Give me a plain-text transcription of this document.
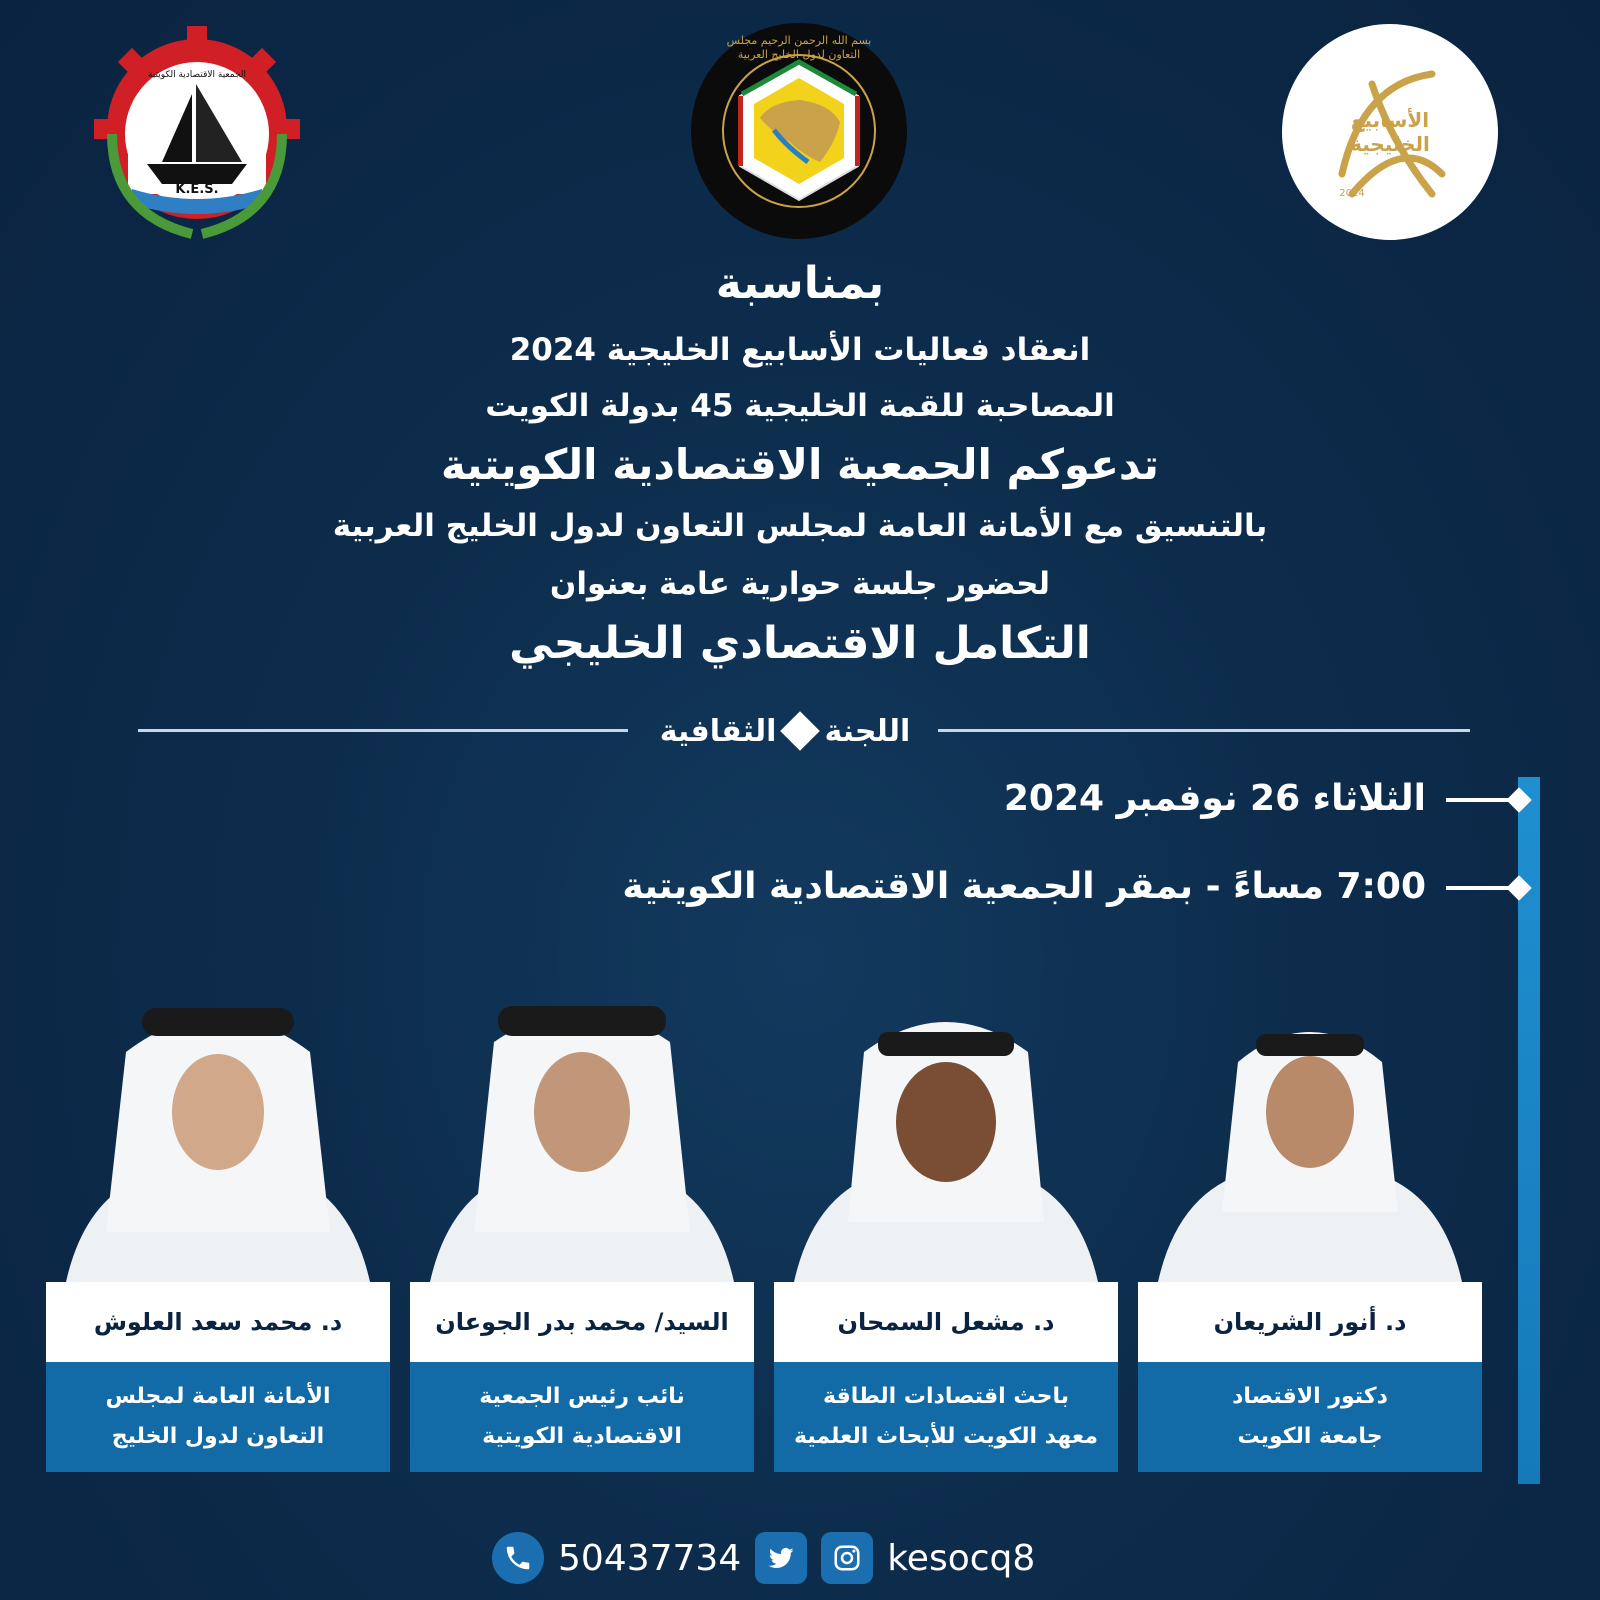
K.E.S.
الجمعية الاقتصادية الكويتية
بسم الله الرحمن الرحيم مجلس التعاون لدول الخليج العربية
الأسابيع الخليجية
2024
بمناسبة
انعقاد فعاليات الأسابيع الخليجية 2024
المصاحبة للقمة الخليجية 45 بدولة الكويت
تدعوكم الجمعية الاقتصادية الكويتية
بالتنسيق مع الأمانة العامة لمجلس التعاون لدول الخليج العربية
لحضور جلسة حوارية عامة بعنوان
التكامل الاقتصادي الخليجي
اللجنة
الثقافية
الثلاثاء 26 نوفمبر 2024
7:00 مساءً - بمقر الجمعية الاقتصادية الكويتية
د. أنور الشريعان
دكتور الاقتصاد
جامعة الكويت
د. مشعل السمحان
باحث اقتصادات الطاقة
معهد الكويت للأبحاث العلمية
السيد/ محمد بدر الجوعان
نائب رئيس الجمعية
الاقتصادية الكويتية
د. محمد سعد العلوش
الأمانة العامة لمجلس
التعاون لدول الخليج
50437734	kesocq8
